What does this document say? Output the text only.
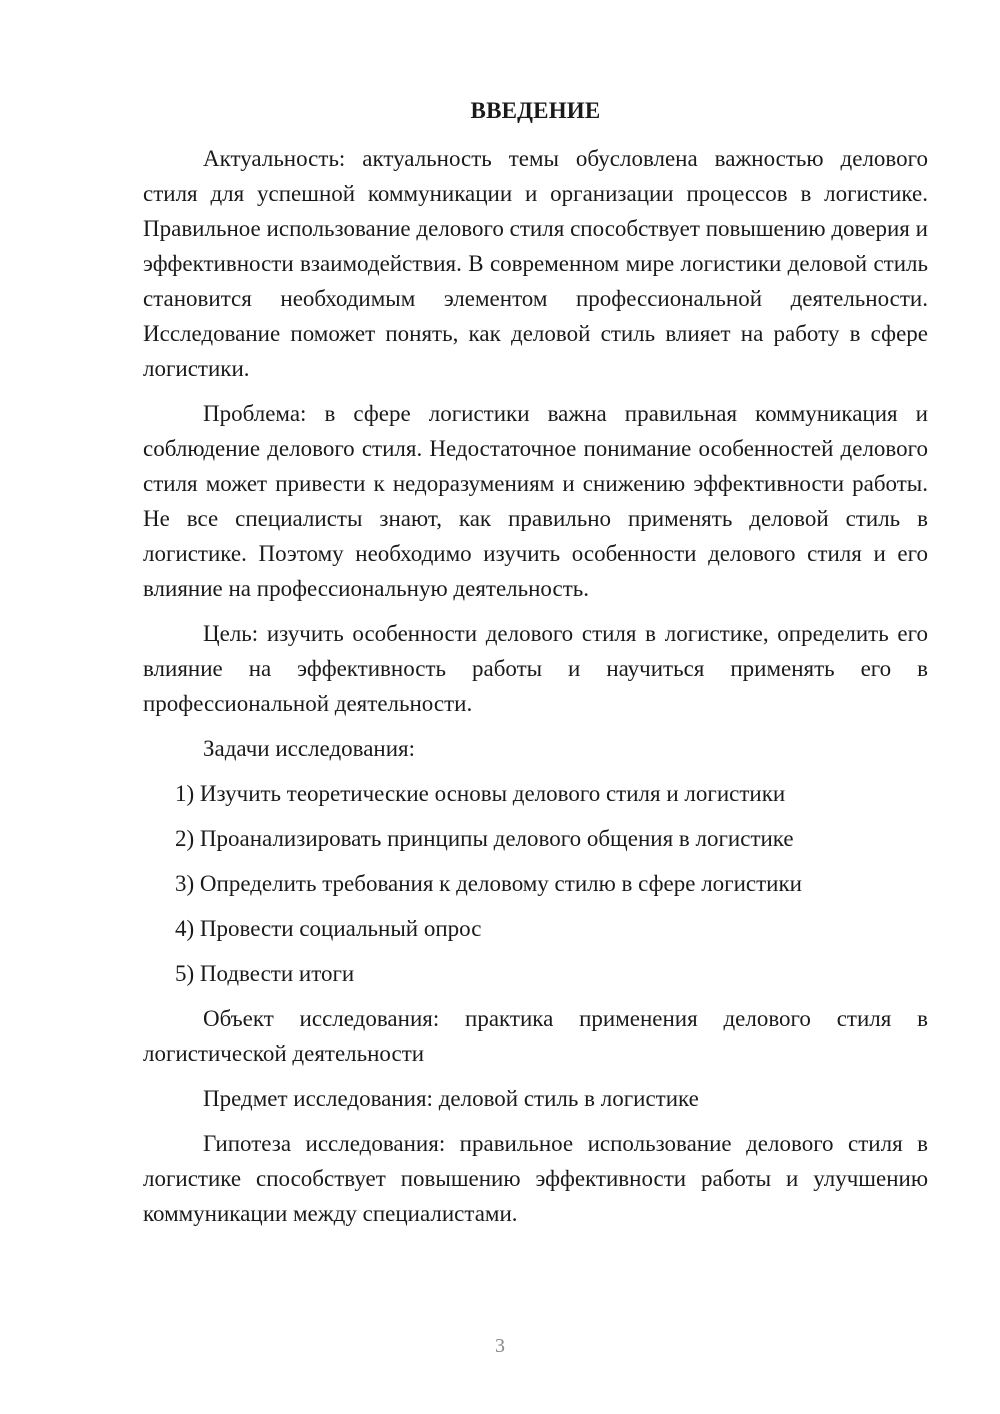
ВВЕДЕНИЕ

Актуальность: актуальность темы обусловлена важностью делового стиля для успешной коммуникации и организации процессов в логистике. Правильное использование делового стиля способствует повышению доверия и эффективности взаимодействия. В современном мире логистики деловой стиль становится необходимым элементом профессиональной деятельности. Исследование поможет понять, как деловой стиль влияет на работу в сфере логистики.

Проблема: в сфере логистики важна правильная коммуникация и соблюдение делового стиля. Недостаточное понимание особенностей делового стиля может привести к недоразумениям и снижению эффективности работы. Не все специалисты знают, как правильно применять деловой стиль в логистике. Поэтому необходимо изучить особенности делового стиля и его влияние на профессиональную деятельность.

Цель: изучить особенности делового стиля в логистике, определить его влияние на эффективность работы и научиться применять его в профессиональной деятельности.

Задачи исследования:

1) Изучить теоретические основы делового стиля и логистики
2) Проанализировать принципы делового общения в логистике
3) Определить требования к деловому стилю в сфере логистики
4) Провести социальный опрос
5) Подвести итоги

Объект исследования: практика применения делового стиля в логистической деятельности

Предмет исследования: деловой стиль в логистике

Гипотеза исследования: правильное использование делового стиля в логистике способствует повышению эффективности работы и улучшению коммуникации между специалистами.

3
